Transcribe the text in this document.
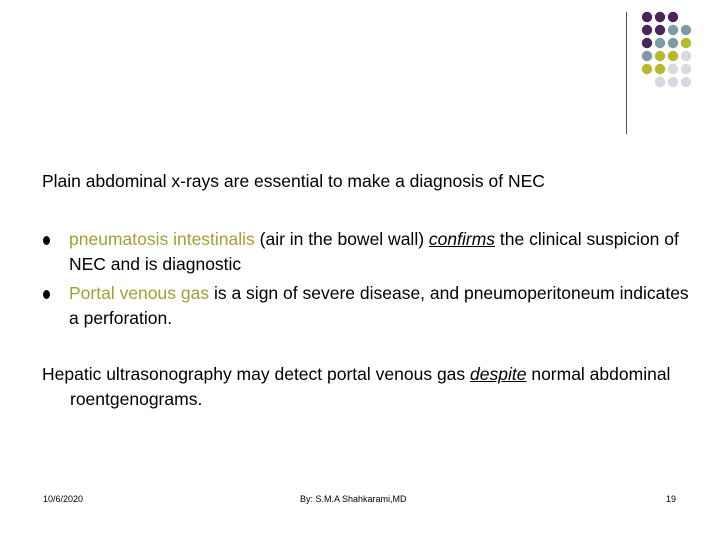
Plain abdominal x-rays are essential to make a diagnosis of NEC
pneumatosis intestinalis (air in the bowel wall) confirms the clinical suspicion of NEC and is diagnostic
Portal venous gas is a sign of severe disease, and pneumoperitoneum indicates a perforation.
Hepatic ultrasonography may detect portal venous gas despite normal abdominal roentgenograms.
10/6/2020	By: S.M.A Shahkarami,MD	19
